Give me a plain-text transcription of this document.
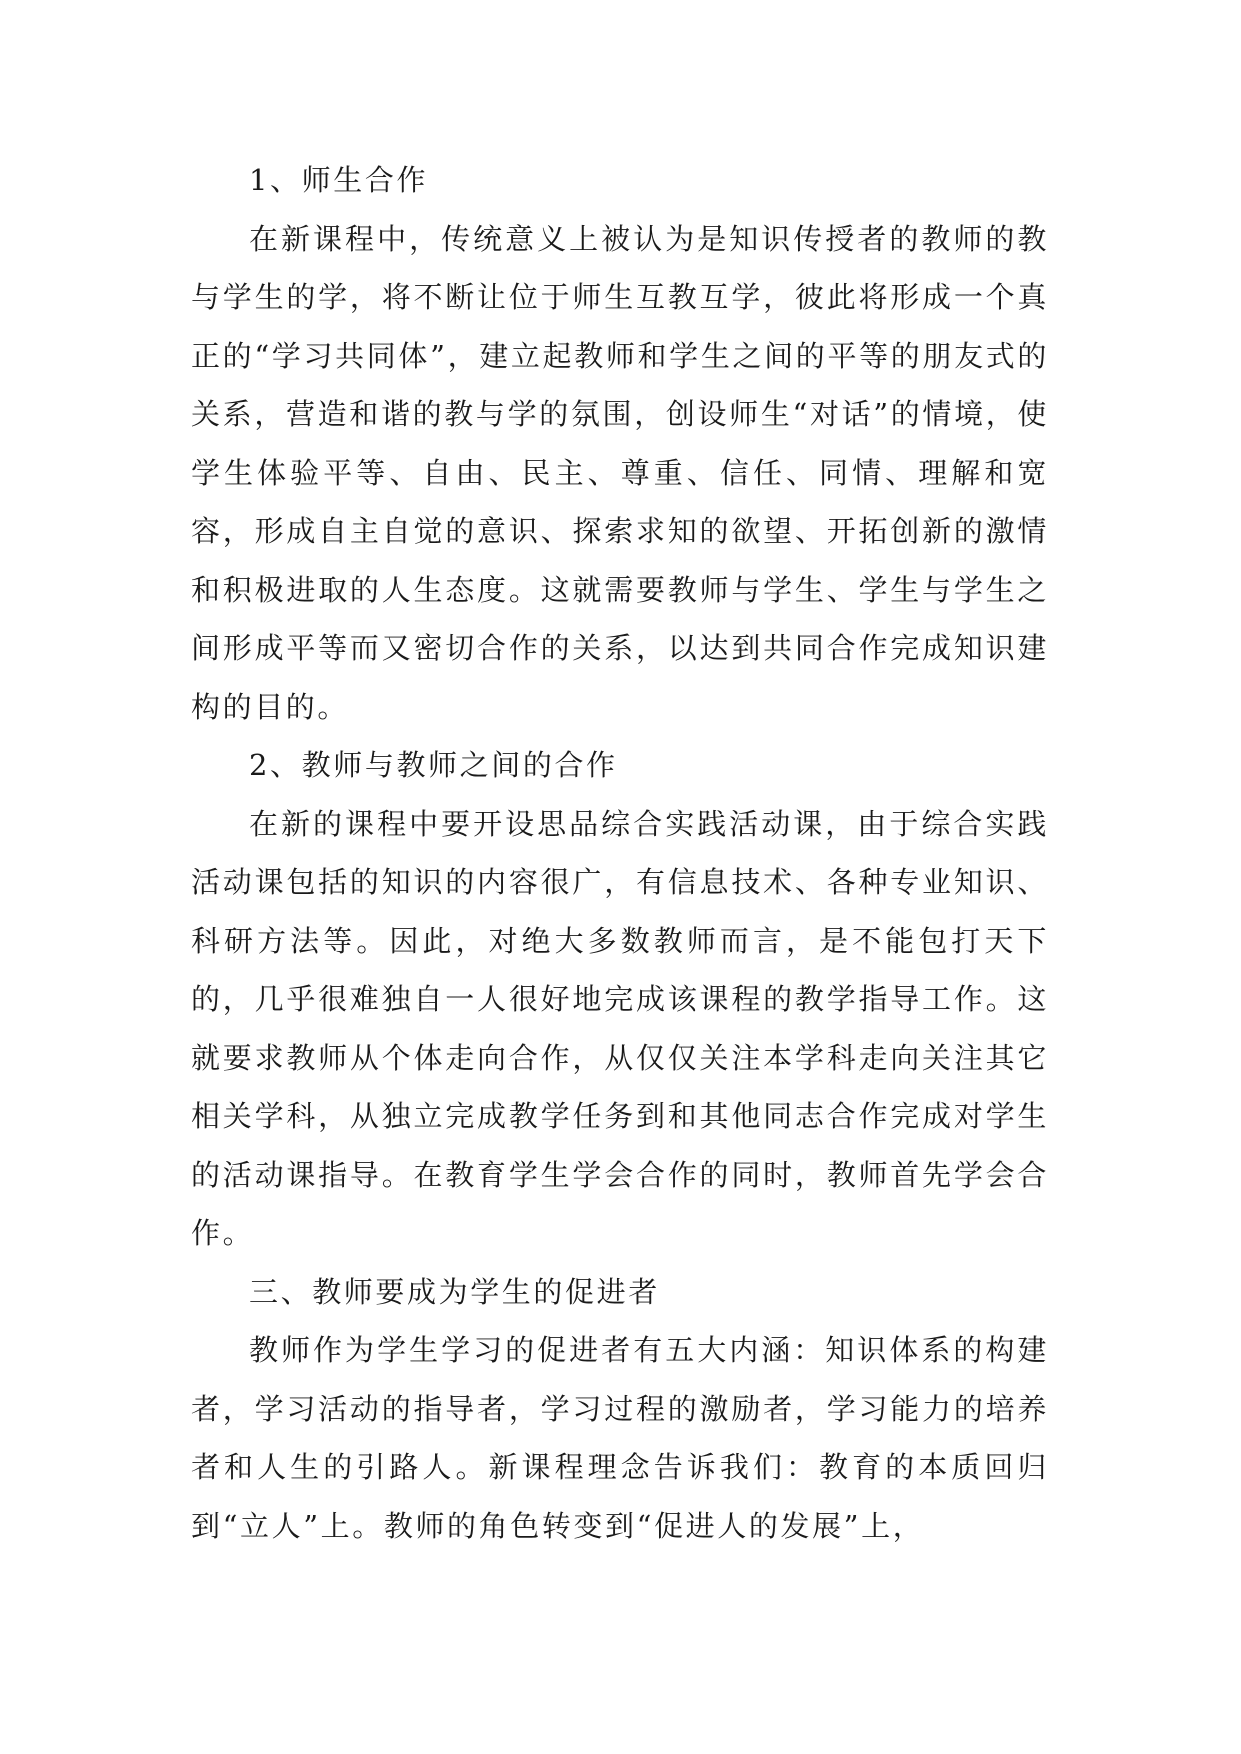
1、师生合作

在新课程中，传统意义上被认为是知识传授者的教师的教与学生的学，将不断让位于师生互教互学，彼此将形成一个真正的“学习共同体”，建立起教师和学生之间的平等的朋友式的关系，营造和谐的教与学的氛围，创设师生“对话”的情境，使学生体验平等、自由、民主、尊重、信任、同情、理解和宽容，形成自主自觉的意识、探索求知的欲望、开拓创新的激情和积极进取的人生态度。这就需要教师与学生、学生与学生之间形成平等而又密切合作的关系，以达到共同合作完成知识建构的目的。

2、教师与教师之间的合作

在新的课程中要开设思品综合实践活动课，由于综合实践活动课包括的知识的内容很广，有信息技术、各种专业知识、科研方法等。因此，对绝大多数教师而言，是不能包打天下的，几乎很难独自一人很好地完成该课程的教学指导工作。这就要求教师从个体走向合作，从仅仅关注本学科走向关注其它相关学科，从独立完成教学任务到和其他同志合作完成对学生的活动课指导。在教育学生学会合作的同时，教师首先学会合作。

三、教师要成为学生的促进者

教师作为学生学习的促进者有五大内涵：知识体系的构建者，学习活动的指导者，学习过程的激励者，学习能力的培养者和人生的引路人。新课程理念告诉我们：教育的本质回归到“立人”上。教师的角色转变到“促进人的发展”上，
